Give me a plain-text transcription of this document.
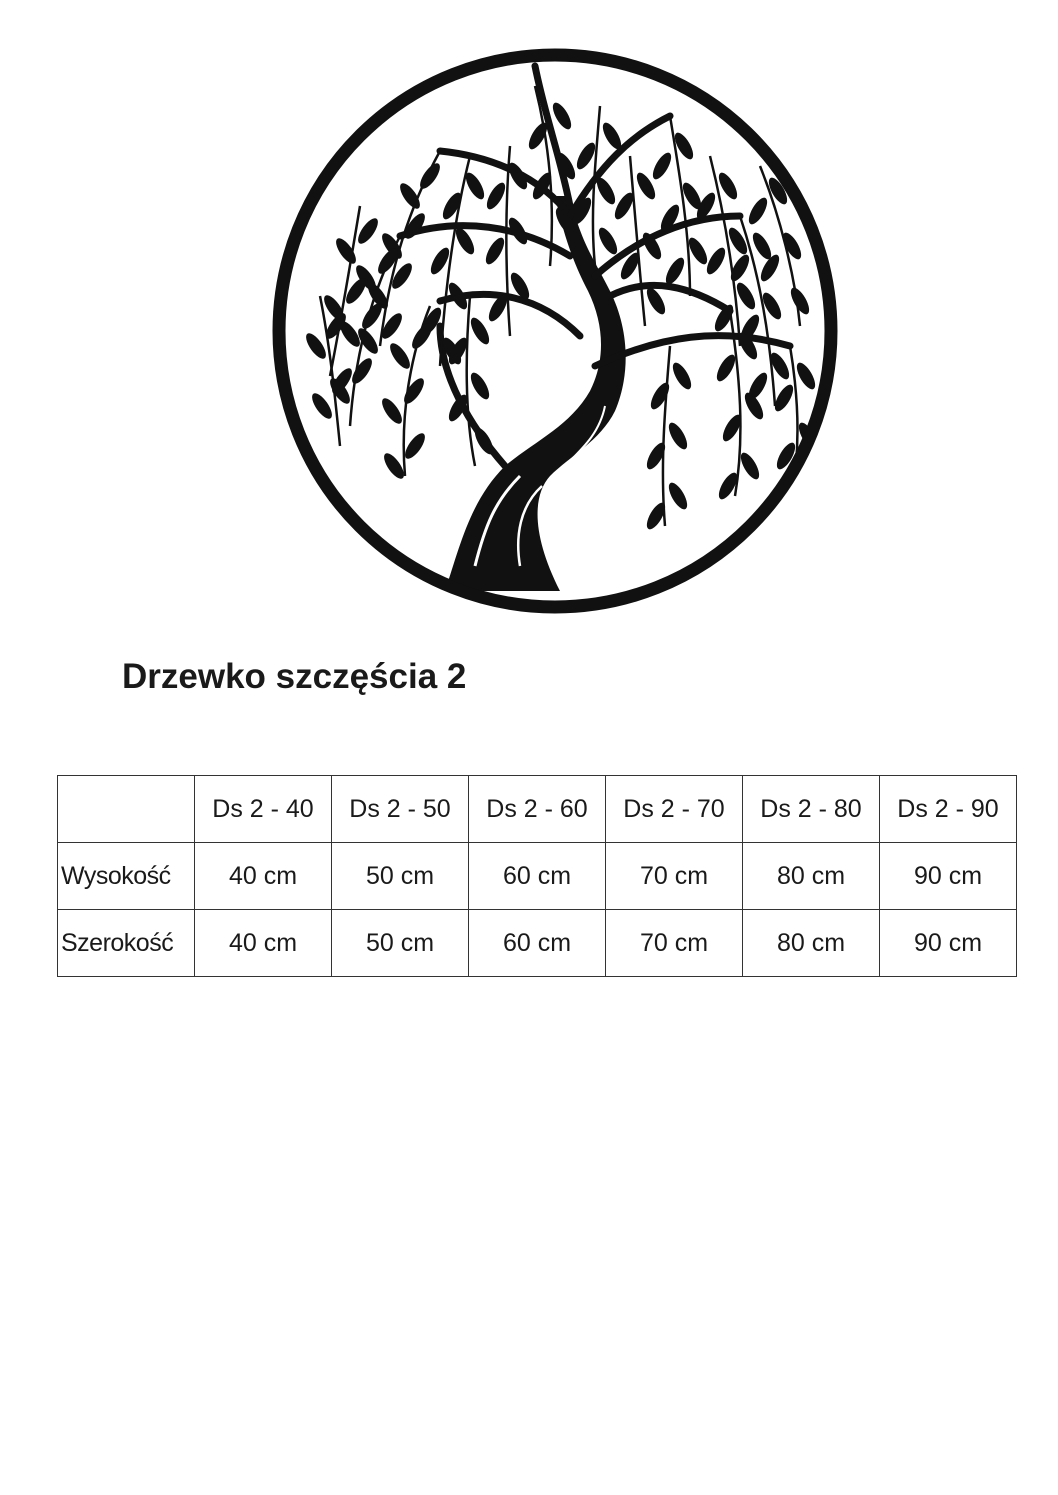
Drzewko szczęścia 2
	Ds 2 - 40	Ds 2 - 50	Ds 2 - 60	Ds 2 - 70	Ds 2 - 80	Ds 2 - 90
Wysokość	40 cm	50 cm	60 cm	70 cm	80 cm	90 cm
Szerokość	40 cm	50 cm	60 cm	70 cm	80 cm	90 cm
